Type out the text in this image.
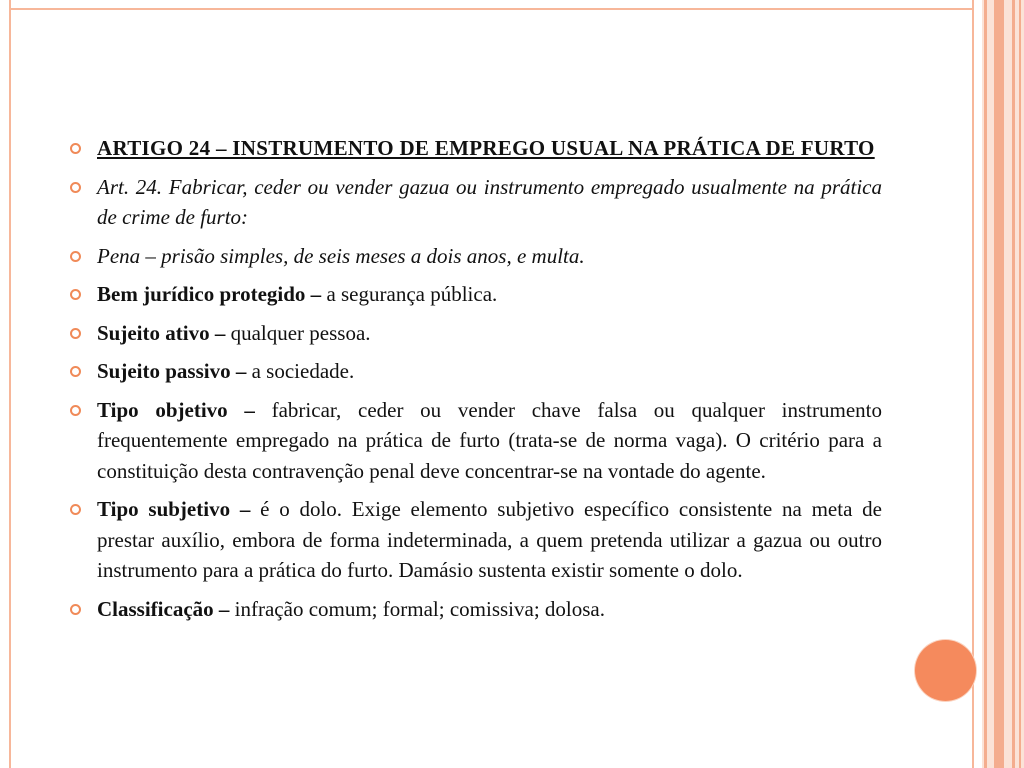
ARTIGO 24 – INSTRUMENTO DE EMPREGO USUAL NA PRÁTICA DE FURTO
Art. 24. Fabricar, ceder ou vender gazua ou instrumento empregado usualmente na prática de crime de furto:
Pena – prisão simples, de seis meses a dois anos, e multa.
Bem jurídico protegido – a segurança pública.
Sujeito ativo – qualquer pessoa.
Sujeito passivo – a sociedade.
Tipo objetivo – fabricar, ceder ou vender chave falsa ou qualquer instrumento frequentemente empregado na prática de furto (trata-se de norma vaga). O critério para a constituição desta contravenção penal deve concentrar-se na vontade do agente.
Tipo subjetivo – é o dolo. Exige elemento subjetivo específico consistente na meta de prestar auxílio, embora de forma indeterminada, a quem pretenda utilizar a gazua ou outro instrumento para a prática do furto. Damásio sustenta existir somente o dolo.
Classificação – infração comum; formal; comissiva; dolosa.
